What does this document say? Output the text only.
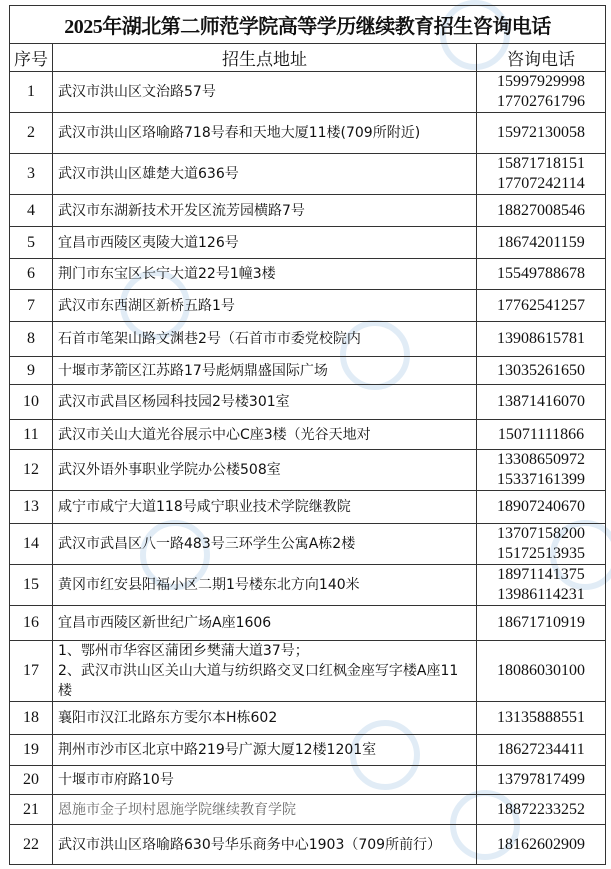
2025年湖北第二师范学院高等学历继续教育招生咨询电话		
序号	招生点地址	咨询电话
1	武汉市洪山区文治路57号	15997929998
17702761796

2	武汉市洪山区珞喻路718号春和天地大厦11楼(709所附近)	15972130058

3	武汉市洪山区雄楚大道636号	15871718151
17707242114

4	武汉市东湖新技术开发区流芳园横路7号	18827008546

5	宜昌市西陵区夷陵大道126号	18674201159

6	荆门市东宝区长宁大道22号1幢3楼	15549788678

7	武汉市东西湖区新桥五路1号	17762541257

8	石首市笔架山路文渊巷2号（石首市市委党校院内	13908615781

9	十堰市茅箭区江苏路17号彪炳鼎盛国际广场	13035261650

10	武汉市武昌区杨园科技园2号楼301室	13871416070

11	武汉市关山大道光谷展示中心C座3楼（光谷天地对	15071111866

12	武汉外语外事职业学院办公楼508室	13308650972
15337161399

13	咸宁市咸宁大道118号咸宁职业技术学院继教院	18907240670

14	武汉市武昌区八一路483号三环学生公寓A栋2楼	13707158200
15172513935

15	黄冈市红安县阳福小区二期1号楼东北方向140米	18971141375
13986114231

16	宜昌市西陵区新世纪广场A座1606	18671710919

17	1、鄂州市华容区蒲团乡樊蒲大道37号；
2、武汉市洪山区关山大道与纺织路交叉口红枫金座写字楼A座11楼	18086030100

18	襄阳市汉江北路东方雯尔本H栋602	13135888551

19	荆州市沙市区北京中路219号广源大厦12楼1201室	18627234411

20	十堰市市府路10号	13797817499

21	恩施市金子坝村恩施学院继续教育学院	18872233252

22	武汉市洪山区珞喻路630号华乐商务中心1903（709所前行）	18162602909
